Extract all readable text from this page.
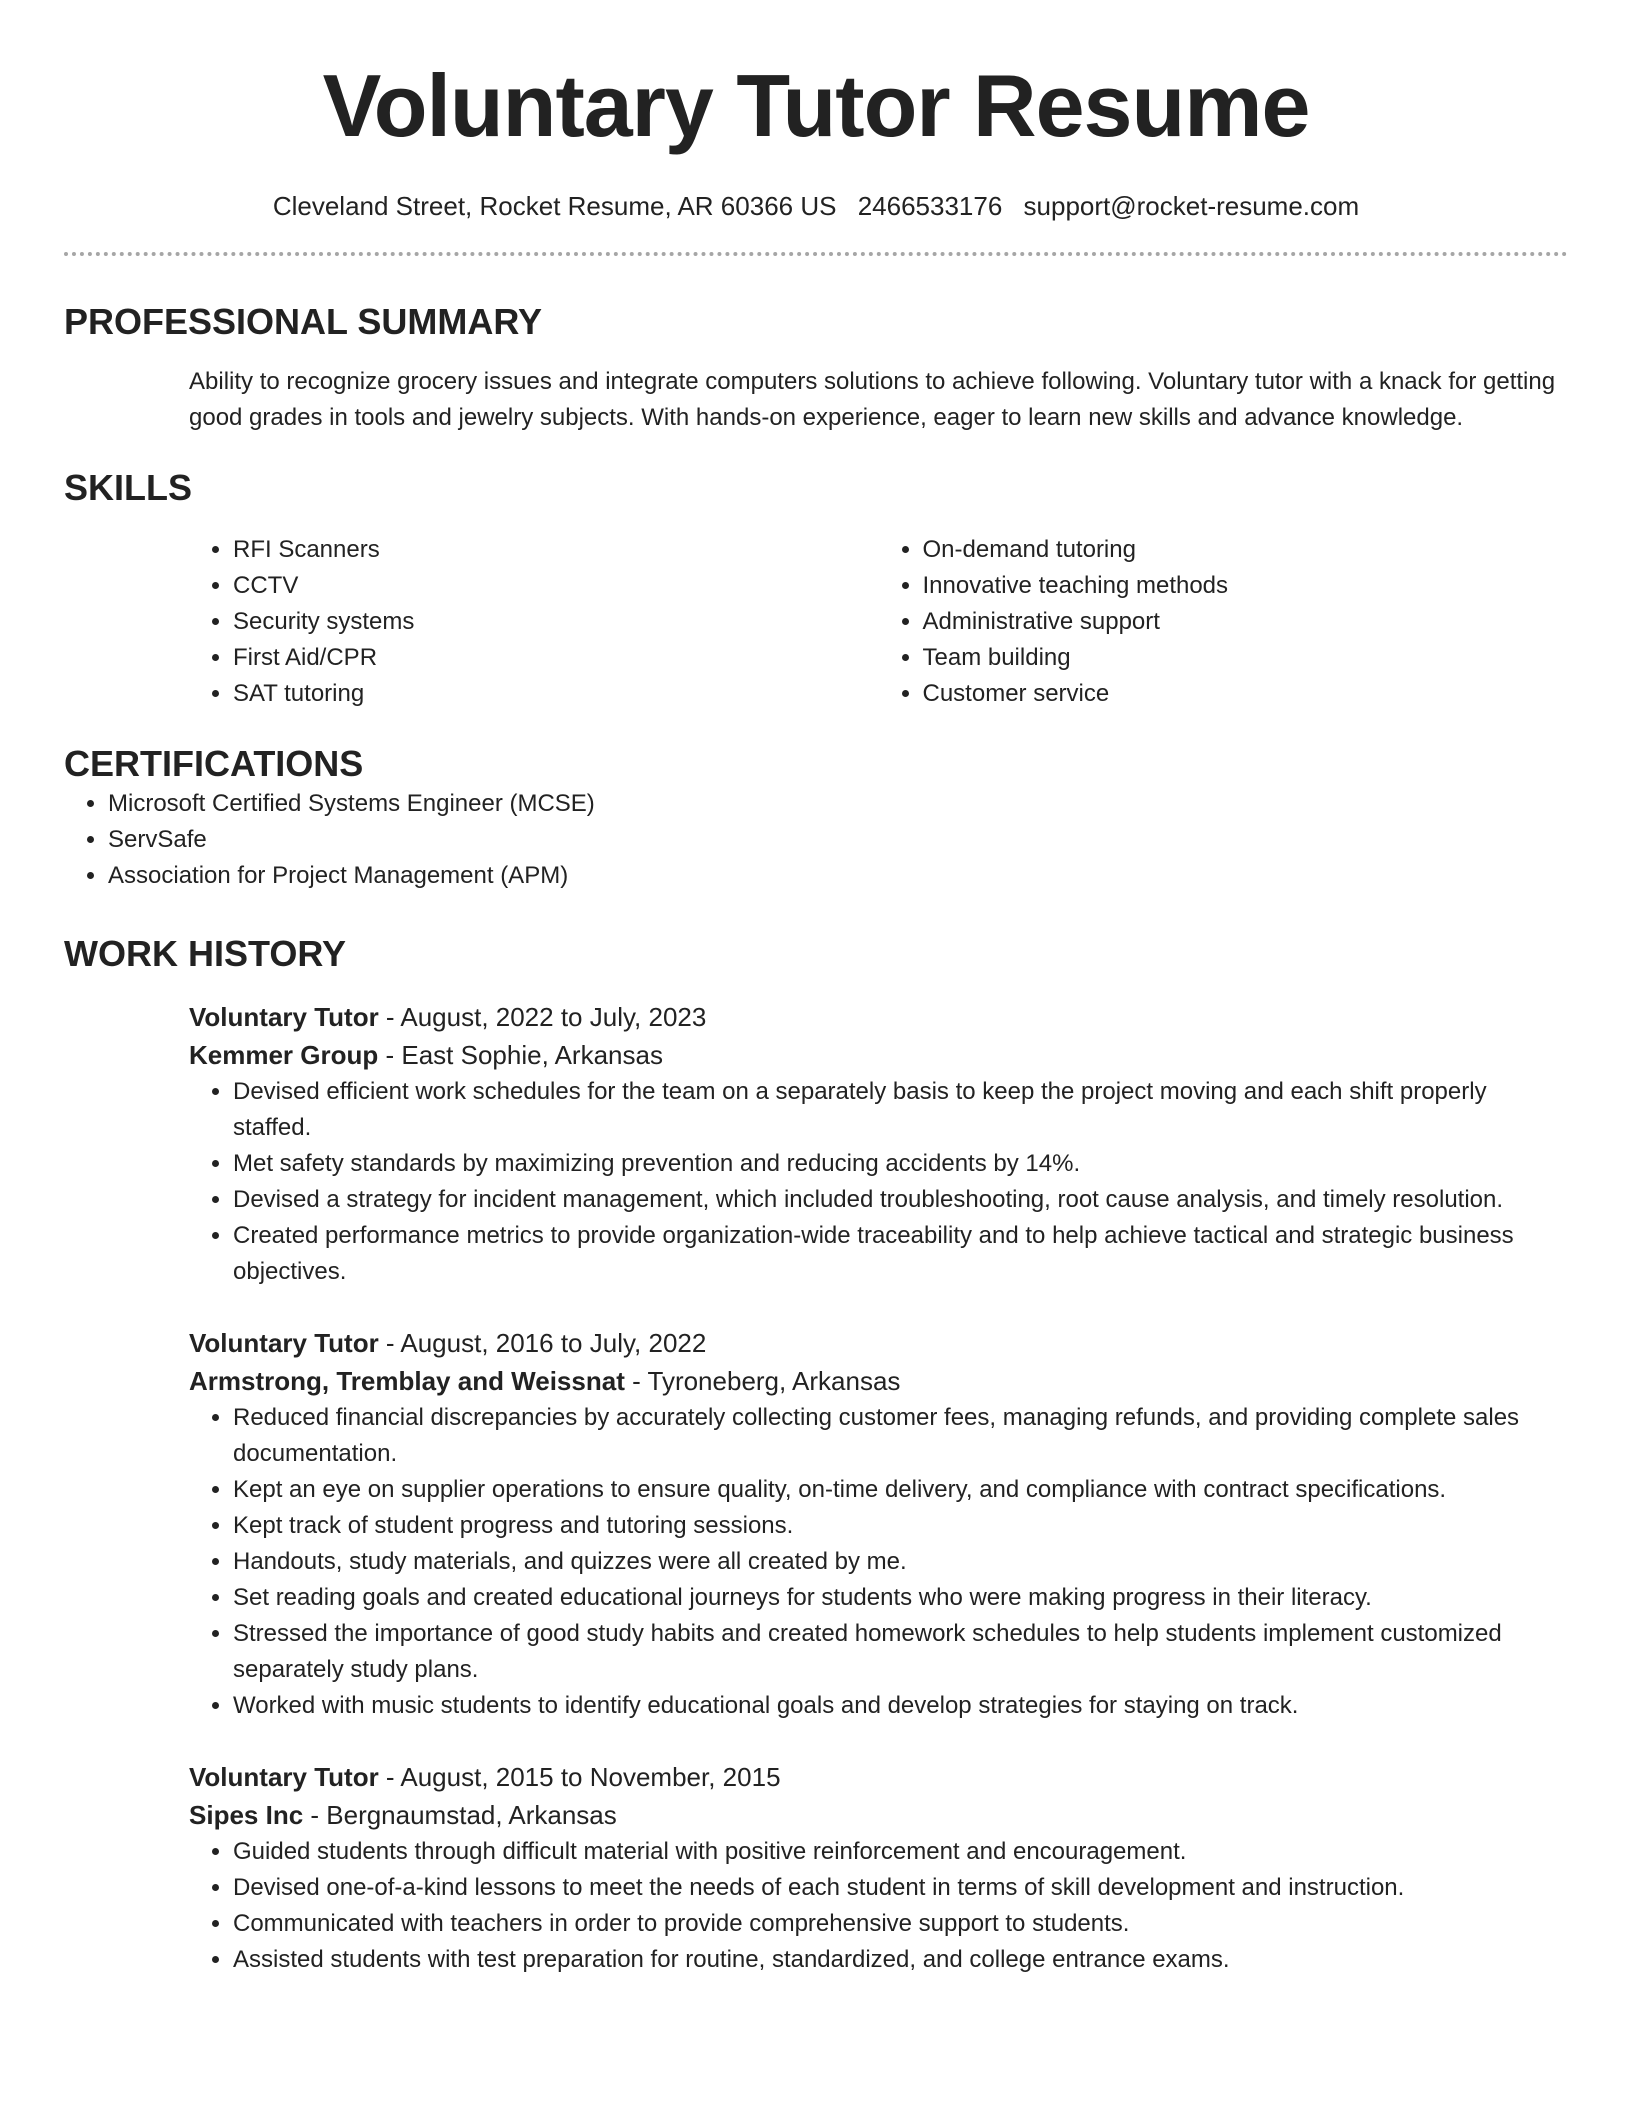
Voluntary Tutor Resume
Cleveland Street, Rocket Resume, AR 60366 US 2466533176 support@rocket-resume.com
PROFESSIONAL SUMMARY

Ability to recognize grocery issues and integrate computers solutions to achieve following. Voluntary tutor with a knack for getting good grades in tools and jewelry subjects. With hands-on experience, eager to learn new skills and advance knowledge.

SKILLS
• RFI Scanners
• CCTV
• Security systems
• First Aid/CPR
• SAT tutoring
• On-demand tutoring
• Innovative teaching methods
• Administrative support
• Team building
• Customer service
CERTIFICATIONS
• Microsoft Certified Systems Engineer (MCSE)
• ServSafe
• Association for Project Management (APM)
WORK HISTORY
Voluntary Tutor - August, 2022 to July, 2023
Kemmer Group - East Sophie, Arkansas
• Devised efficient work schedules for the team on a separately basis to keep the project moving and each shift properly staffed.
• Met safety standards by maximizing prevention and reducing accidents by 14%.
• Devised a strategy for incident management, which included troubleshooting, root cause analysis, and timely resolution.
• Created performance metrics to provide organization-wide traceability and to help achieve tactical and strategic business objectives.
Voluntary Tutor - August, 2016 to July, 2022
Armstrong, Tremblay and Weissnat - Tyroneberg, Arkansas
• Reduced financial discrepancies by accurately collecting customer fees, managing refunds, and providing complete sales documentation.
• Kept an eye on supplier operations to ensure quality, on-time delivery, and compliance with contract specifications.
• Kept track of student progress and tutoring sessions.
• Handouts, study materials, and quizzes were all created by me.
• Set reading goals and created educational journeys for students who were making progress in their literacy.
• Stressed the importance of good study habits and created homework schedules to help students implement customized separately study plans.
• Worked with music students to identify educational goals and develop strategies for staying on track.
Voluntary Tutor - August, 2015 to November, 2015
Sipes Inc - Bergnaumstad, Arkansas
• Guided students through difficult material with positive reinforcement and encouragement.
• Devised one-of-a-kind lessons to meet the needs of each student in terms of skill development and instruction.
• Communicated with teachers in order to provide comprehensive support to students.
• Assisted students with test preparation for routine, standardized, and college entrance exams.
